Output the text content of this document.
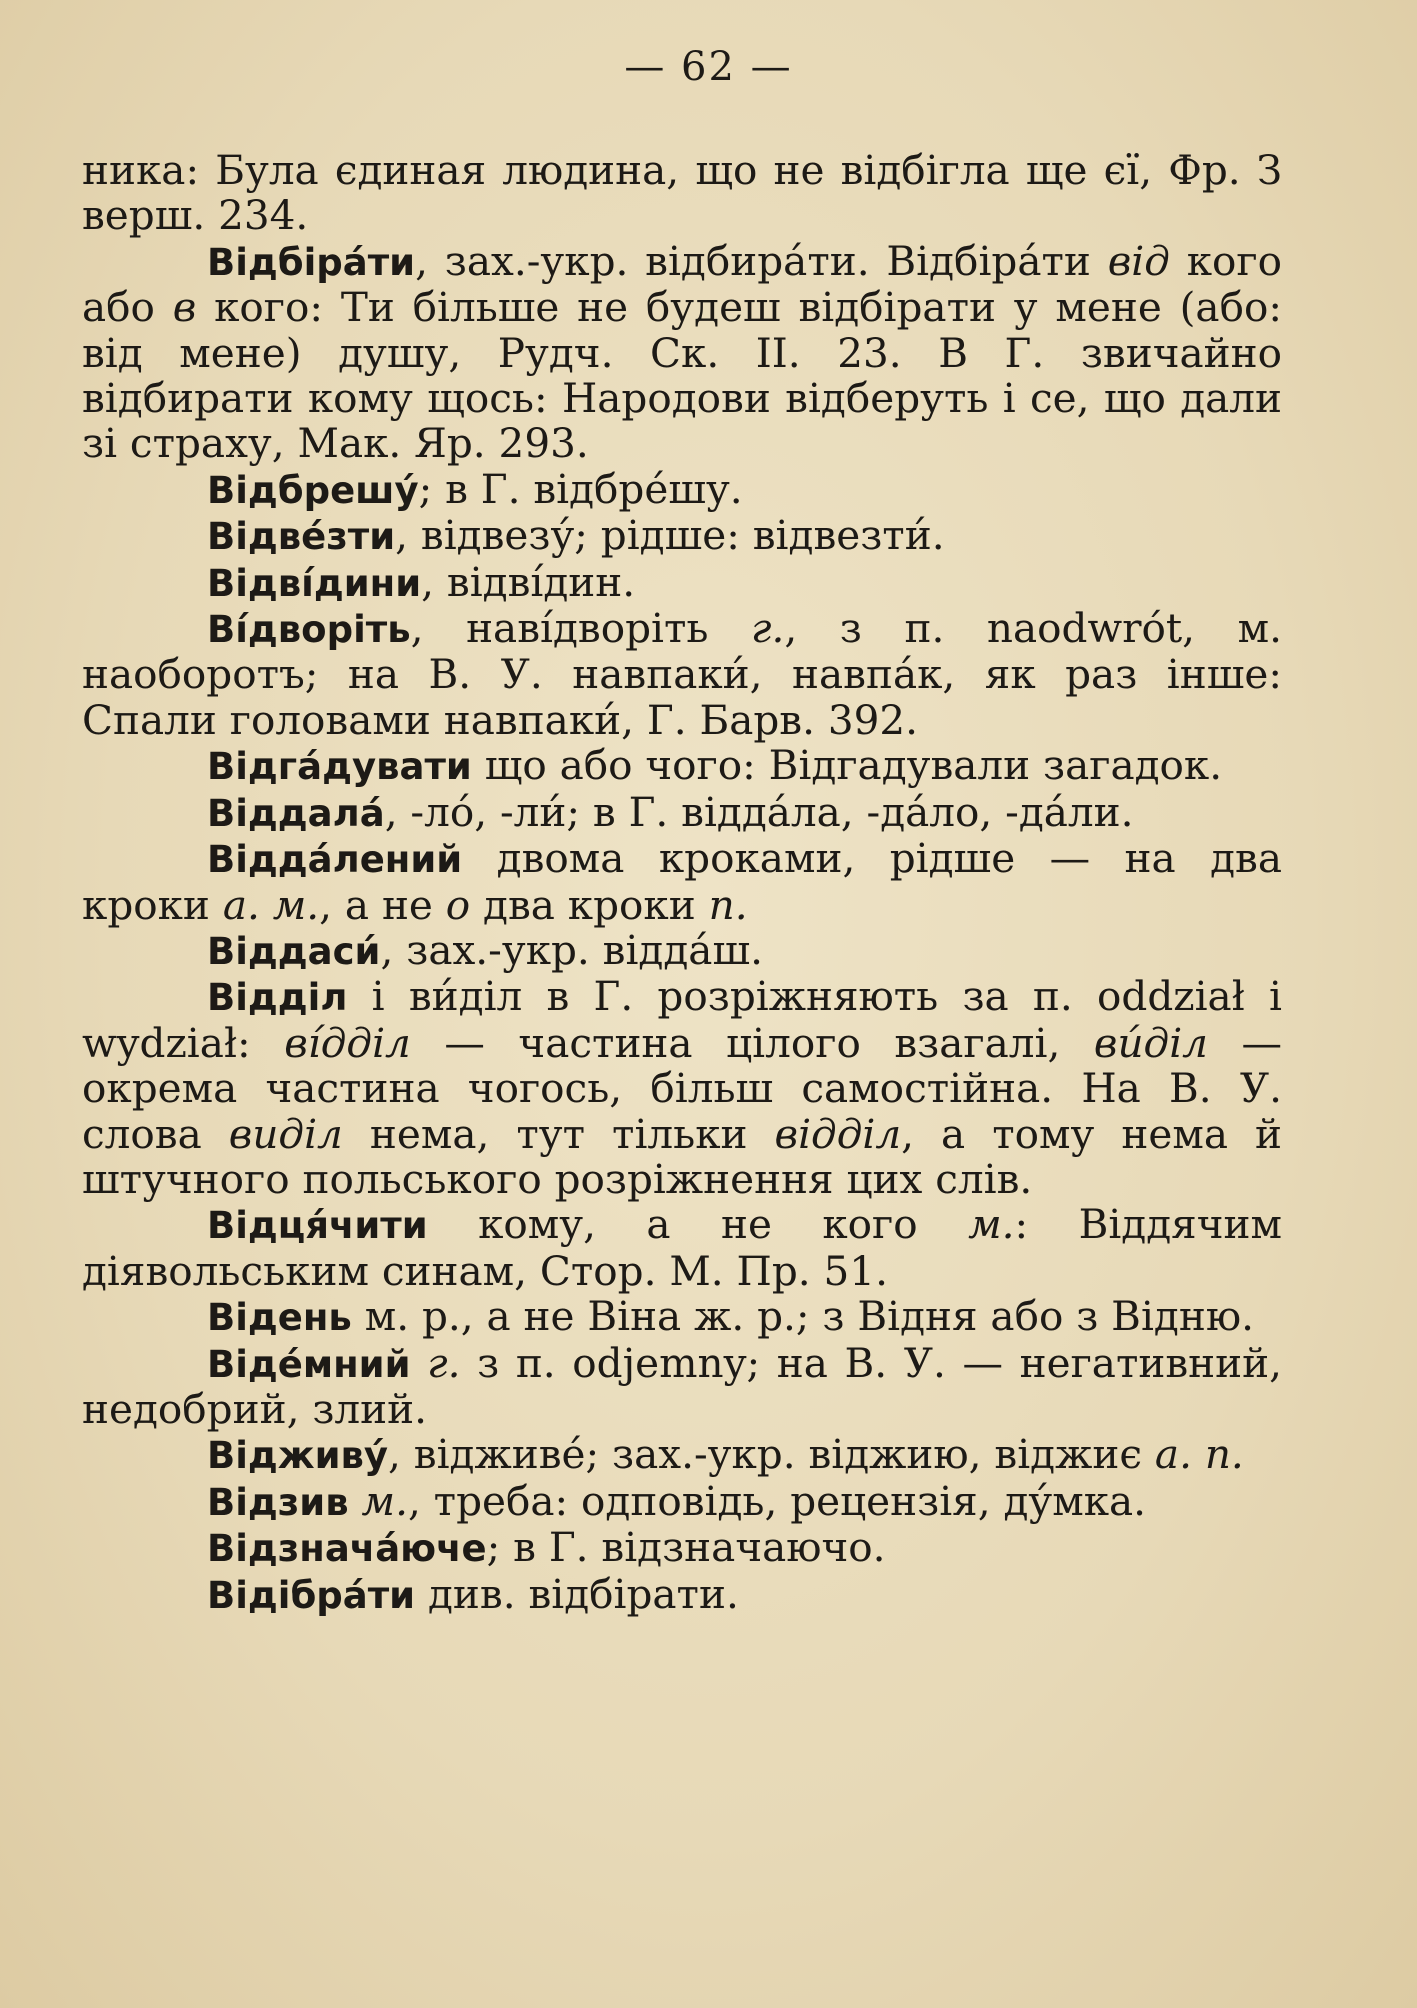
— 62 —

ника: Була єдиная людина, що не відбігла ще єї, Фр. З верш. 234.

Відбіра́ти, зах.-укр. відбира́ти. Відбіра́ти від кого або в кого: Ти більше не будеш відбірати у мене (або: від мене) душу, Рудч. Ск. ІІ. 23. В Г. звичайно відбирати кому щось: Народови відберуть і се, що дали зі страху, Мак. Яр. 293.

Відбрешу́; в Г. відбре́шу.

Відве́зти, відвезу́; рідше: відвезти́.

Відві́дини, відві́дин.

Ві́дворіть, наві́дворіть г., з п. naodwrót, м. наоборотъ; на В. У. навпаки́, навпа́к, як раз інше: Спали головами навпаки́, Г. Барв. 392.

Відга́дувати що або чого: Відгадували загадок.

Віддала́, -ло́, -ли́; в Г. відда́ла, -да́ло, -да́ли.

Відда́лений двома кроками, рідше — на два кроки а. м., а не о два кроки п.

Віддаси́, зах.-укр. відда́ш.

Відділ і ви́діл в Г. розріжняють за п. oddział і wydział: ві́дділ — частина цілого взагалі, ви́діл — окрема частина чогось, більш самостійна. На В. У. слова виділ нема, тут тільки відділ, а тому нема й штучного польського розріжнення цих слів.

Відця́чити кому, а не кого м.: Віддячим діявольським синам, Стор. М. Пр. 51.

Відень м. р., а не Віна ж. р.; з Відня або з Відню.

Віде́мний г. з п. odjemny; на В. У. — негативний, недобрий, злий.

Відживу́, відживе́; зах.-укр. віджию, віджиє а. п.

Відзив м., треба: одповідь, рецензія, ду́мка.

Відзнача́юче; в Г. відзначаючо.

Відібра́ти див. відбірати.
